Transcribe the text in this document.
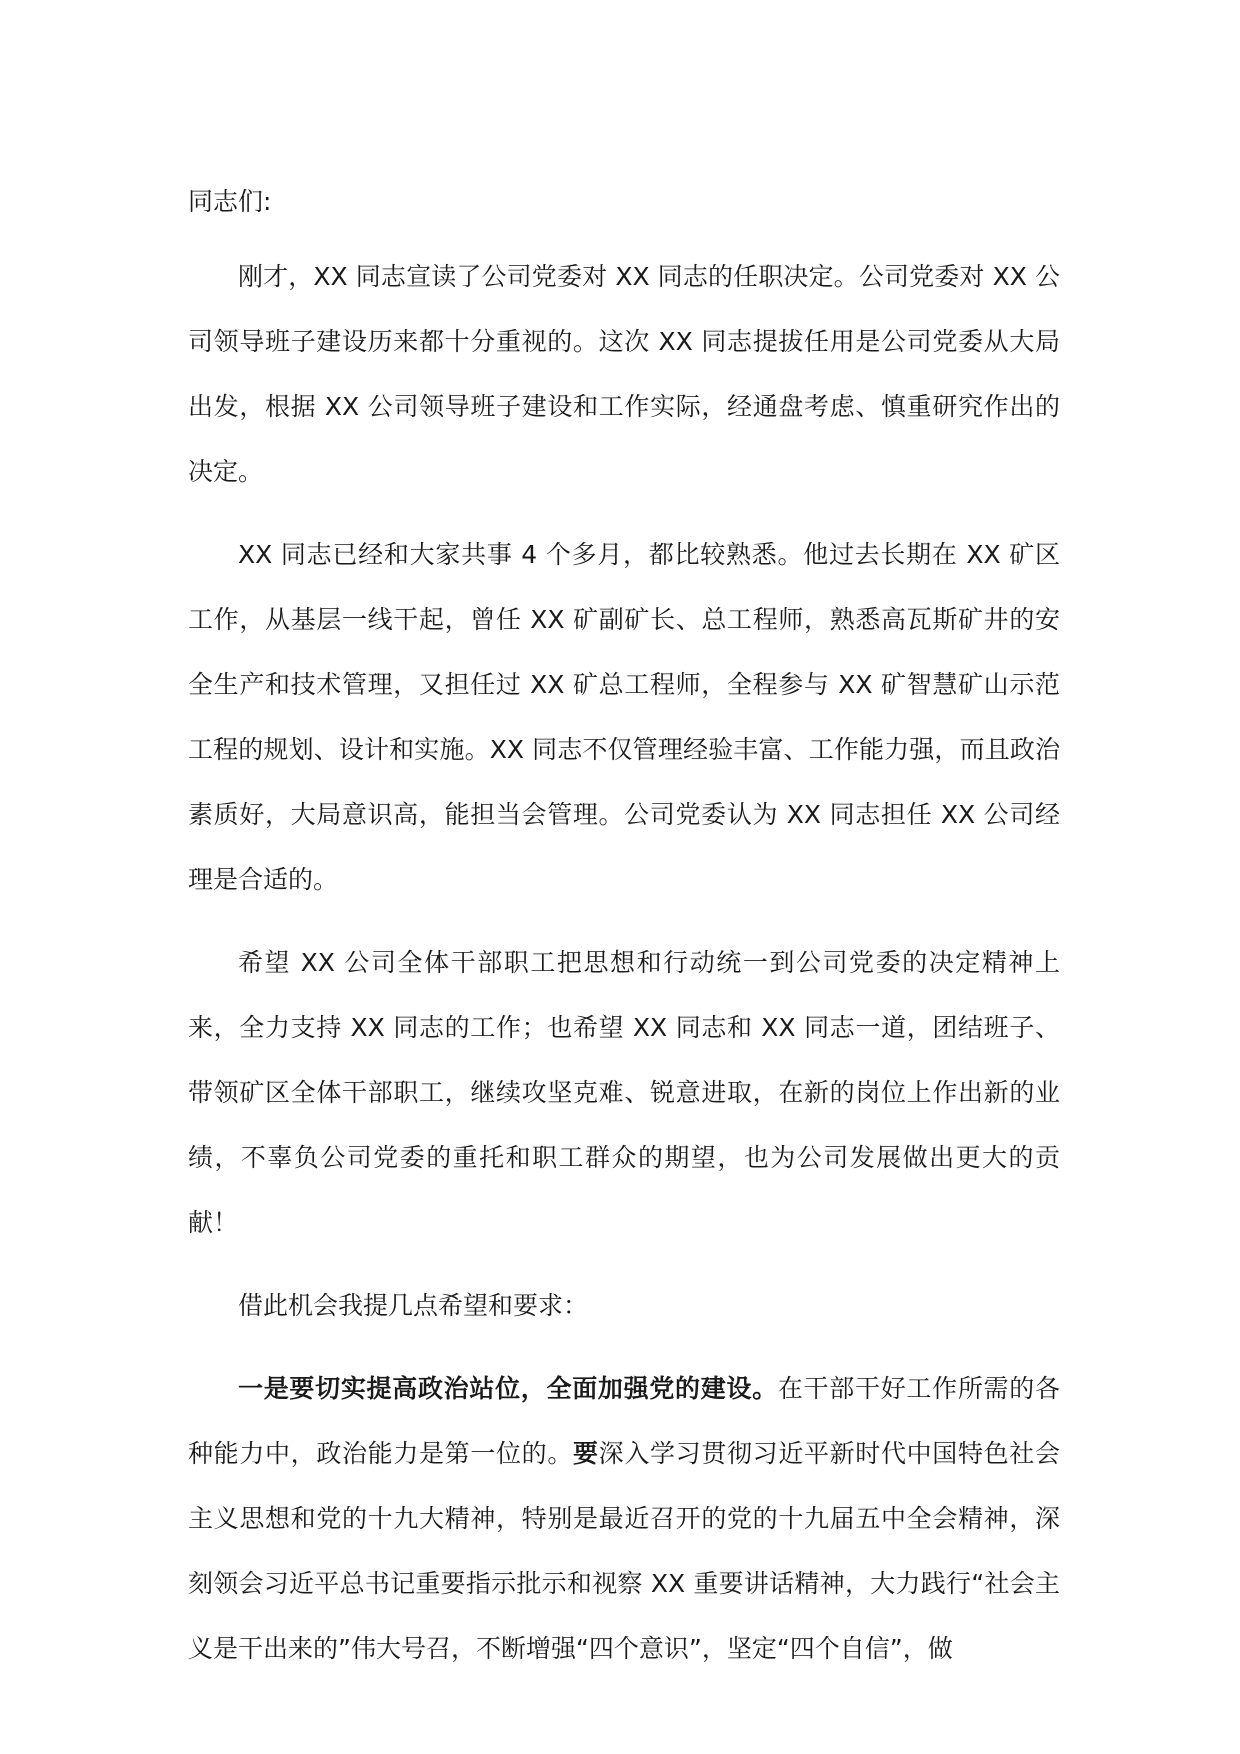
同志们:

刚才，XX 同志宣读了公司党委对 XX 同志的任职决定。公司党委对 XX 公司领导班子建设历来都十分重视的。这次 XX 同志提拔任用是公司党委从大局出发，根据 XX 公司领导班子建设和工作实际，经通盘考虑、慎重研究作出的决定。

XX 同志已经和大家共事 4 个多月，都比较熟悉。他过去长期在 XX 矿区工作，从基层一线干起，曾任 XX 矿副矿长、总工程师，熟悉高瓦斯矿井的安全生产和技术管理，又担任过 XX 矿总工程师，全程参与 XX 矿智慧矿山示范工程的规划、设计和实施。XX 同志不仅管理经验丰富、工作能力强，而且政治素质好，大局意识高，能担当会管理。公司党委认为 XX 同志担任 XX 公司经理是合适的。

希望 XX 公司全体干部职工把思想和行动统一到公司党委的决定精神上来，全力支持 XX 同志的工作；也希望 XX 同志和 XX 同志一道，团结班子、带领矿区全体干部职工，继续攻坚克难、锐意进取，在新的岗位上作出新的业绩，不辜负公司党委的重托和职工群众的期望，也为公司发展做出更大的贡献！

借此机会我提几点希望和要求：

一是要切实提高政治站位，全面加强党的建设。在干部干好工作所需的各种能力中，政治能力是第一位的。要深入学习贯彻习近平新时代中国特色社会主义思想和党的十九大精神，特别是最近召开的党的十九届五中全会精神，深刻领会习近平总书记重要指示批示和视察 XX 重要讲话精神，大力践行“社会主义是干出来的”伟大号召，不断增强“四个意识”，坚定“四个自信”，做
